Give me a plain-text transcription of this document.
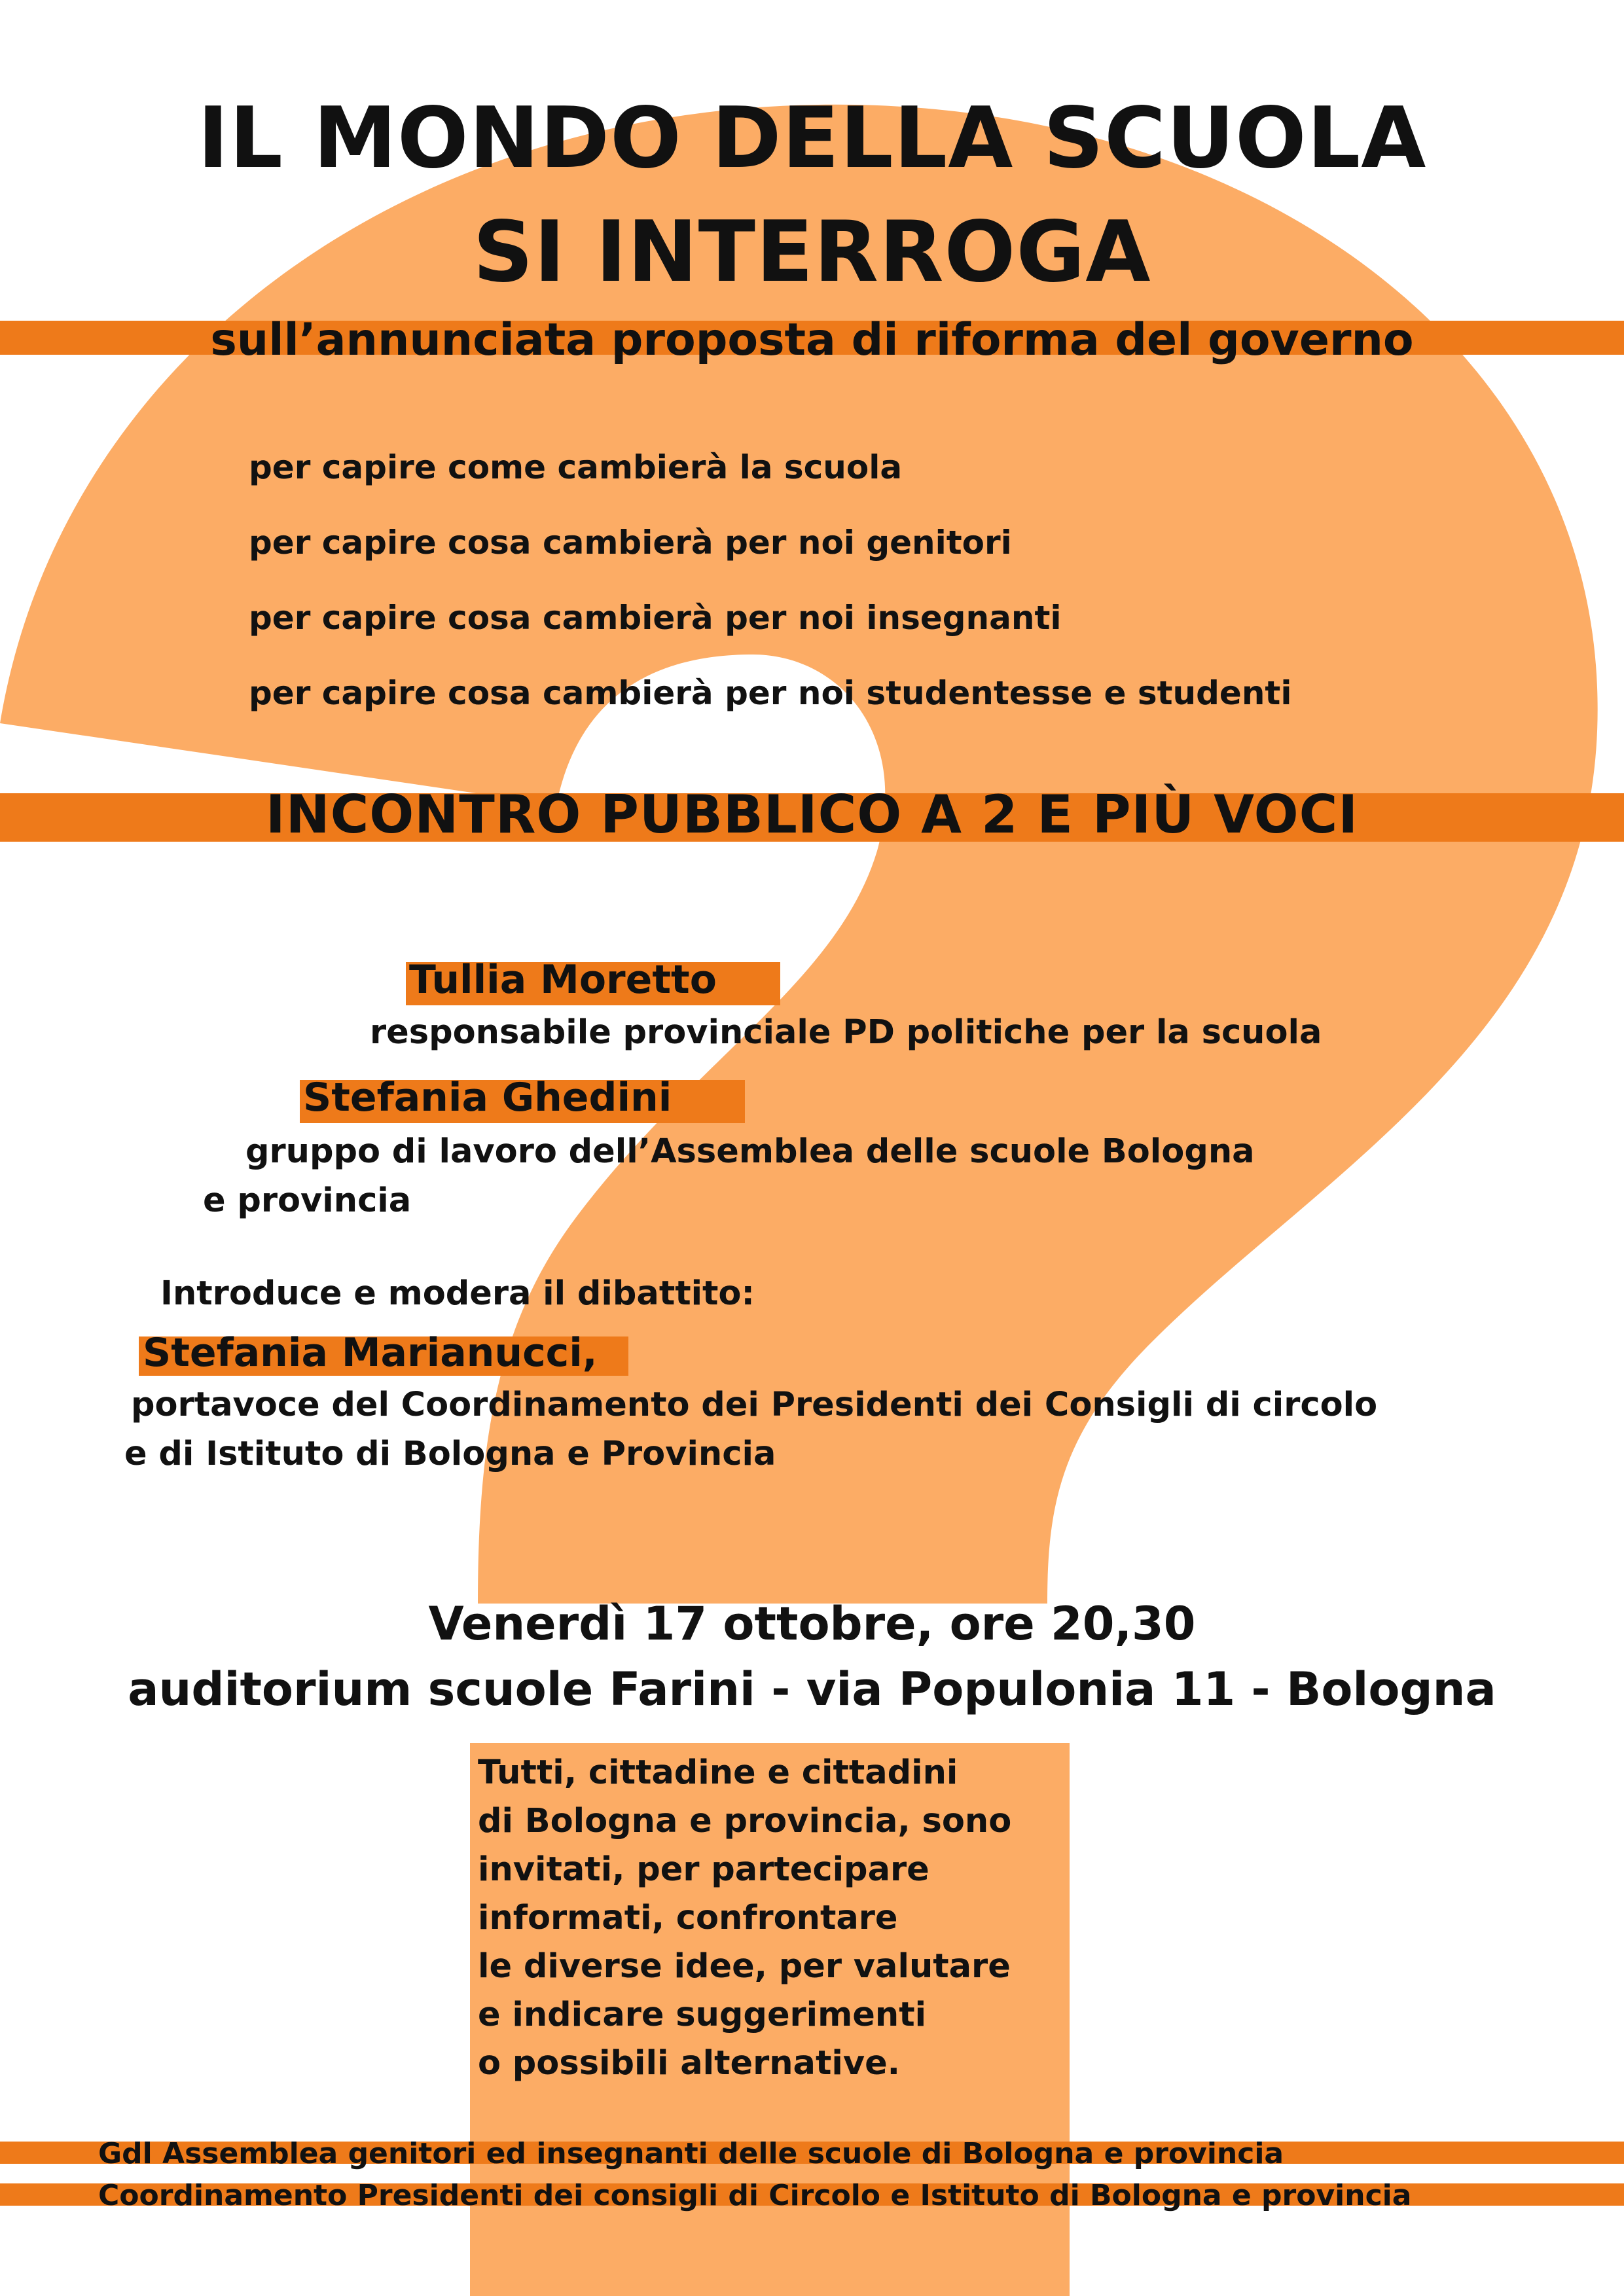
IL MONDO DELLA SCUOLA
SI INTERROGA
sull’annunciata proposta di riforma del governo
per capire come cambierà la scuola
per capire cosa cambierà per noi genitori
per capire cosa cambierà per noi insegnanti
per capire cosa cambierà per noi studentesse e studenti
INCONTRO PUBBLICO A 2 E PIÙ VOCI
Tullia Moretto
responsabile provinciale PD politiche per la scuola
Stefania Ghedini
gruppo di lavoro dell’Assemblea delle scuole Bologna
e provincia
Introduce e modera il dibattito:
Stefania Marianucci,
portavoce del Coordinamento dei Presidenti dei Consigli di circolo
e di Istituto di Bologna e Provincia
Venerdì 17 ottobre, ore 20,30
auditorium scuole Farini - via Populonia 11 - Bologna
Tutti, cittadine e cittadini
di Bologna e provincia, sono
invitati, per partecipare
informati, confrontare
le diverse idee, per valutare
e indicare suggerimenti
o possibili alternative.
Gdl Assemblea genitori ed insegnanti delle scuole di Bologna e provincia
Coordinamento Presidenti dei consigli di Circolo e Istituto di Bologna e provincia
